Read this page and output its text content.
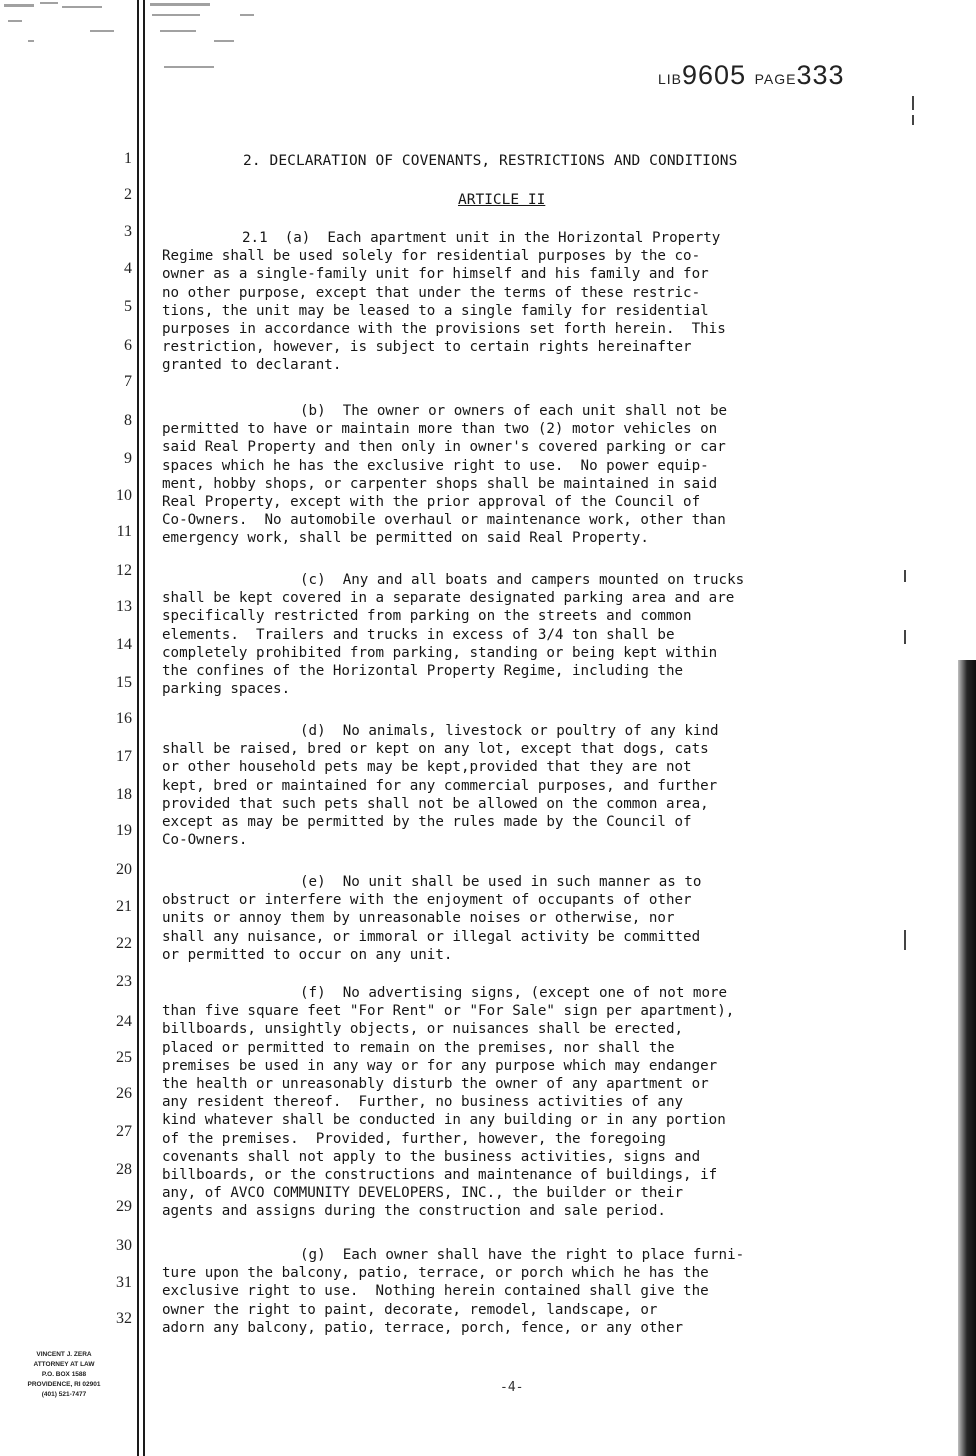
LIB9605 PAGE333
1
2
3
4
5
6
7
8
9
10
11
12
13
14
15
16
17
18
19
20
21
22
23
24
25
26
27
28
29
30
31
32
2. DECLARATION OF COVENANTS, RESTRICTIONS AND CONDITIONS
ARTICLE II

2.1  (a)  Each apartment unit in the Horizontal Property
Regime shall be used solely for residential purposes by the co-
owner as a single-family unit for himself and his family and for
no other purpose, except that under the terms of these restric-
tions, the unit may be leased to a single family for residential
purposes in accordance with the provisions set forth herein.  This
restriction, however, is subject to certain rights hereinafter
granted to declarant.

(b)  The owner or owners of each unit shall not be
permitted to have or maintain more than two (2) motor vehicles on
said Real Property and then only in owner's covered parking or car
spaces which he has the exclusive right to use.  No power equip-
ment, hobby shops, or carpenter shops shall be maintained in said
Real Property, except with the prior approval of the Council of
Co-Owners.  No automobile overhaul or maintenance work, other than
emergency work, shall be permitted on said Real Property.

(c)  Any and all boats and campers mounted on trucks
shall be kept covered in a separate designated parking area and are
specifically restricted from parking on the streets and common
elements.  Trailers and trucks in excess of 3/4 ton shall be
completely prohibited from parking, standing or being kept within
the confines of the Horizontal Property Regime, including the
parking spaces.

(d)  No animals, livestock or poultry of any kind
shall be raised, bred or kept on any lot, except that dogs, cats
or other household pets may be kept,provided that they are not
kept, bred or maintained for any commercial purposes, and further
provided that such pets shall not be allowed on the common area,
except as may be permitted by the rules made by the Council of
Co-Owners.

(e)  No unit shall be used in such manner as to
obstruct or interfere with the enjoyment of occupants of other
units or annoy them by unreasonable noises or otherwise, nor
shall any nuisance, or immoral or illegal activity be committed
or permitted to occur on any unit.

(f)  No advertising signs, (except one of not more
than five square feet "For Rent" or "For Sale" sign per apartment),
billboards, unsightly objects, or nuisances shall be erected,
placed or permitted to remain on the premises, nor shall the
premises be used in any way or for any purpose which may endanger
the health or unreasonably disturb the owner of any apartment or
any resident thereof.  Further, no business activities of any
kind whatever shall be conducted in any building or in any portion
of the premises.  Provided, further, however, the foregoing
covenants shall not apply to the business activities, signs and
billboards, or the constructions and maintenance of buildings, if
any, of AVCO COMMUNITY DEVELOPERS, INC., the builder or their
agents and assigns during the construction and sale period.

(g)  Each owner shall have the right to place furni-
ture upon the balcony, patio, terrace, or porch which he has the
exclusive right to use.  Nothing herein contained shall give the
owner the right to paint, decorate, remodel, landscape, or
adorn any balcony, patio, terrace, porch, fence, or any other

VINCENT J. ZERA
ATTORNEY AT LAW
P.O. BOX 1588
PROVIDENCE, RI 02901
(401) 521-7477	-4-
